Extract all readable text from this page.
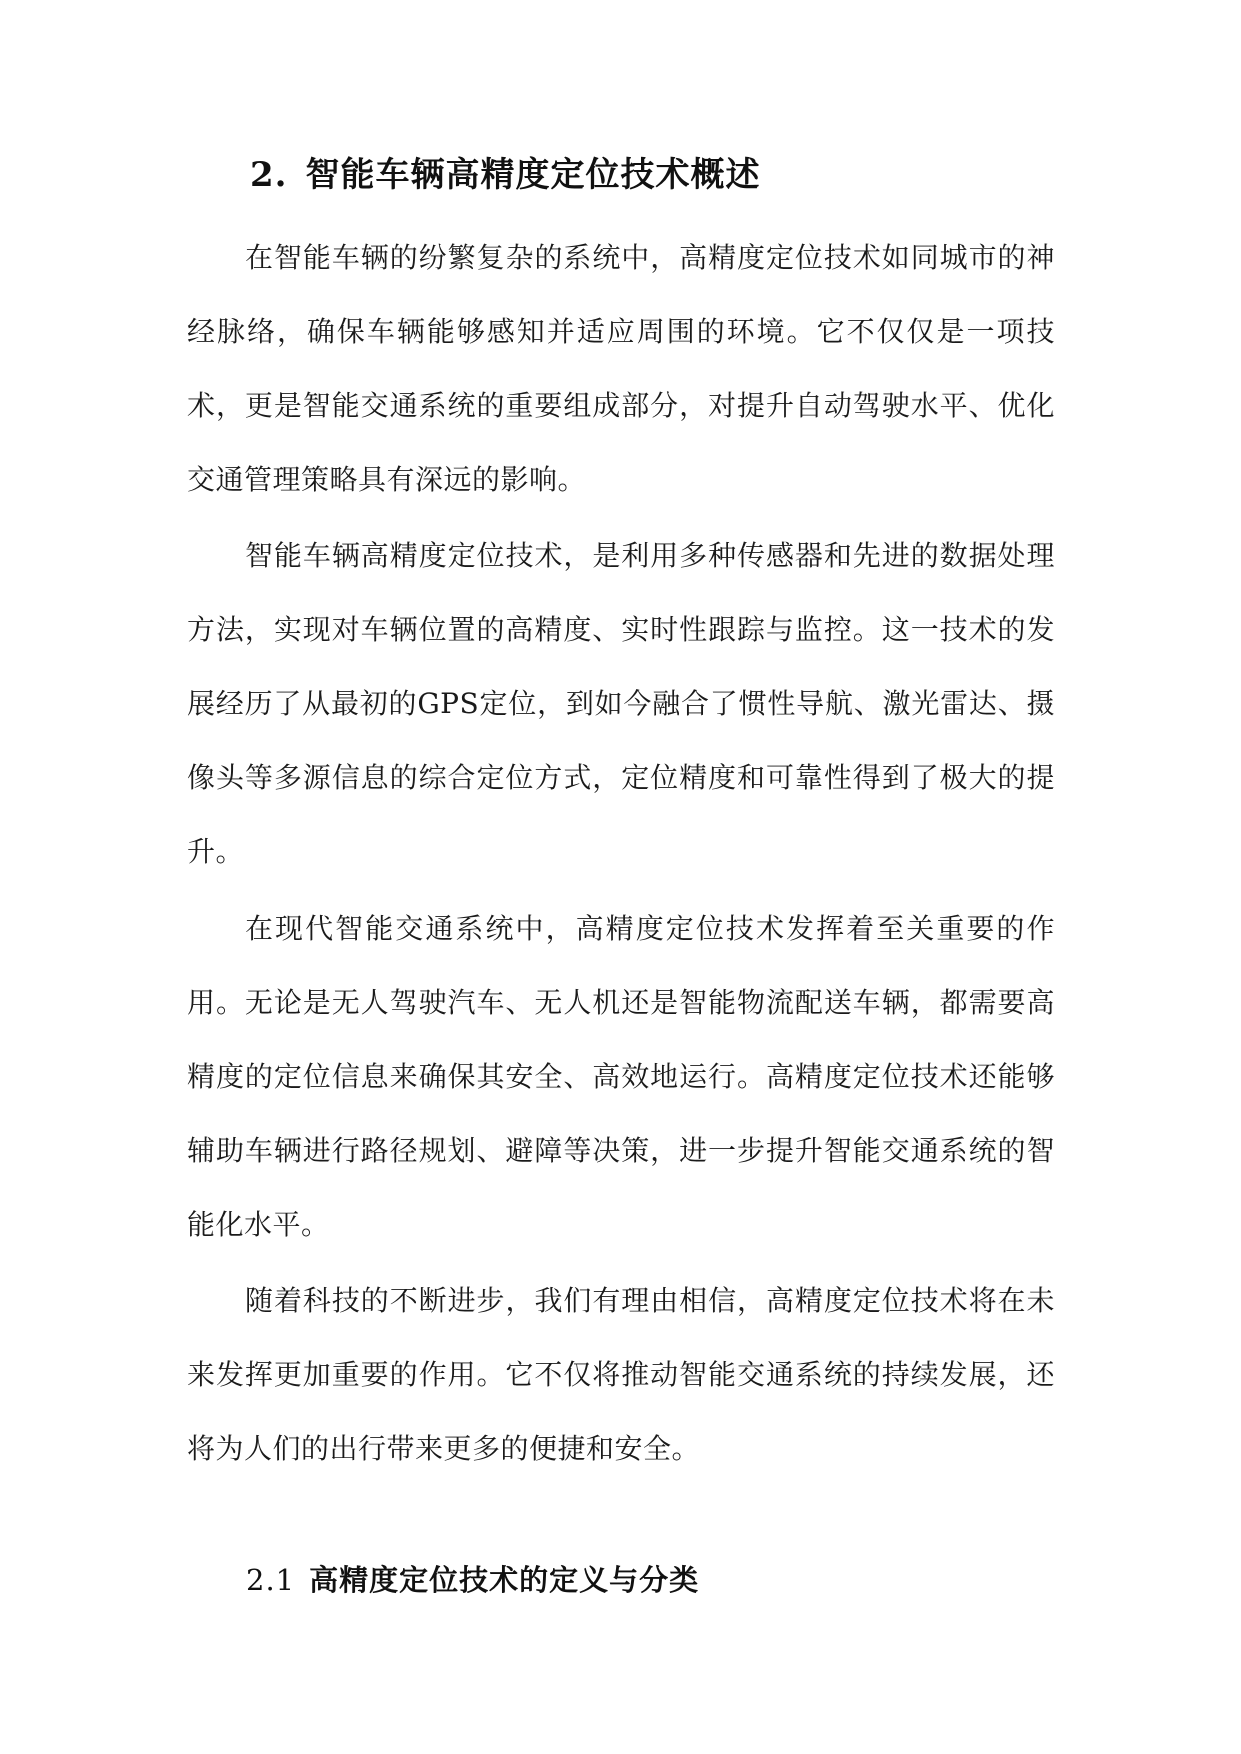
2. 智能车辆高精度定位技术概述

在智能车辆的纷繁复杂的系统中，高精度定位技术如同城市的神经脉络，确保车辆能够感知并适应周围的环境。它不仅仅是一项技术，更是智能交通系统的重要组成部分，对提升自动驾驶水平、优化交通管理策略具有深远的影响。

智能车辆高精度定位技术，是利用多种传感器和先进的数据处理方法，实现对车辆位置的高精度、实时性跟踪与监控。这一技术的发展经历了从最初的GPS定位，到如今融合了惯性导航、激光雷达、摄像头等多源信息的综合定位方式，定位精度和可靠性得到了极大的提升。

在现代智能交通系统中，高精度定位技术发挥着至关重要的作用。无论是无人驾驶汽车、无人机还是智能物流配送车辆，都需要高精度的定位信息来确保其安全、高效地运行。高精度定位技术还能够辅助车辆进行路径规划、避障等决策，进一步提升智能交通系统的智能化水平。

随着科技的不断进步，我们有理由相信，高精度定位技术将在未来发挥更加重要的作用。它不仅将推动智能交通系统的持续发展，还将为人们的出行带来更多的便捷和安全。

2.1 高精度定位技术的定义与分类
